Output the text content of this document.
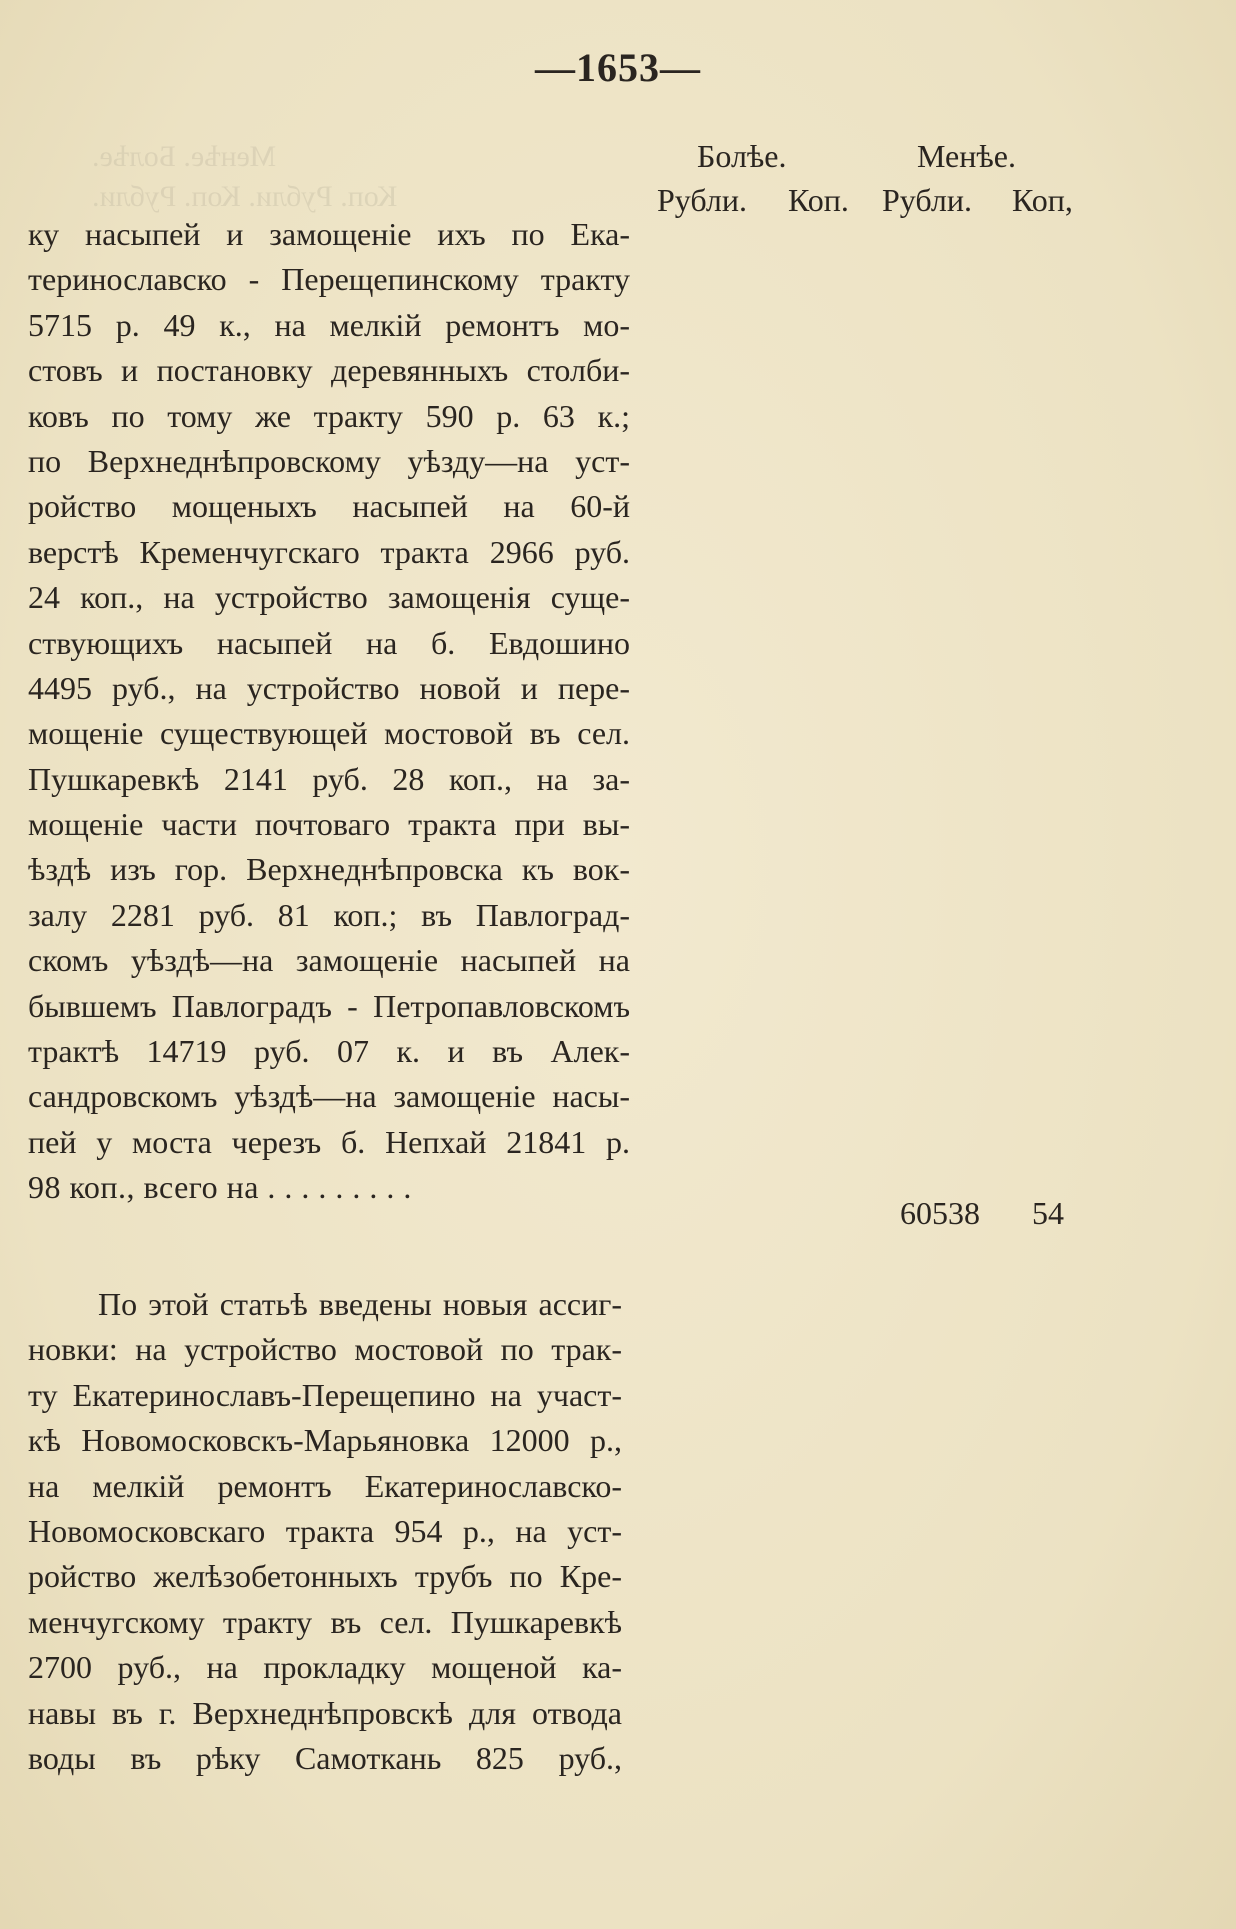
—1653—
Менѣе. Болѣе.
Коп. Рубли. Коп. Рубли.
Болѣе.	Менѣе.
Рубли. Коп. Рубли. Коп,
ку насыпей и замощеніе ихъ по Ека-
теринославско - Перещепинскому тракту
5715 р. 49 к., на мелкій ремонтъ мо-
стовъ и постановку деревянныхъ столби-
ковъ по тому же тракту 590 р. 63 к.;
по Верхнеднѣпровскому уѣзду—на уст-
ройство мощеныхъ насыпей на 60-й
верстѣ Кременчугскаго тракта 2966 руб.
24 коп., на устройство замощенія суще-
ствующихъ насыпей на б. Евдошино
4495 руб., на устройство новой и пере-
мощеніе существующей мостовой въ сел.
Пушкаревкѣ 2141 руб. 28 коп., на за-
мощеніе части почтоваго тракта при вы-
ѣздѣ изъ гор. Верхнеднѣпровска къ вок-
залу 2281 руб. 81 коп.; въ Павлоград-
скомъ уѣздѣ—на замощеніе насыпей на
бывшемъ Павлоградъ - Петропавловскомъ
трактѣ 14719 руб. 07 к. и въ Алек-
сандровскомъ уѣздѣ—на замощеніе насы-
пей у моста черезъ б. Непхай 21841 р.
98 коп., всего на . . . . . . . . .
60538 54
По этой статьѣ введены новыя ассиг-
новки: на устройство мостовой по трак-
ту Екатеринославъ-Перещепино на участ-
кѣ Новомосковскъ-Марьяновка 12000 р.,
на мелкій ремонтъ Екатеринославско-
Новомосковскаго тракта 954 р., на уст-
ройство желѣзобетонныхъ трубъ по Кре-
менчугскому тракту въ сел. Пушкаревкѣ
2700 руб., на прокладку мощеной ка-
навы въ г. Верхнеднѣпровскѣ для отвода
воды въ рѣку Самоткань 825 руб.,
